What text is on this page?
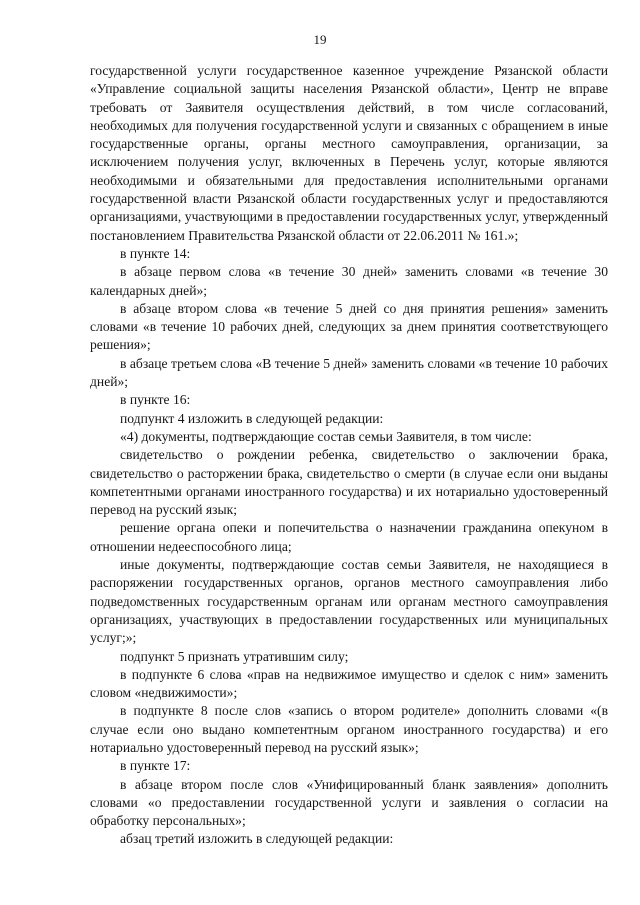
19

государственной услуги государственное казенное учреждение Рязанской области «Управление социальной защиты населения Рязанской области», Центр не вправе требовать от Заявителя осуществления действий, в том числе согласований, необходимых для получения государственной услуги и связанных с обращением в иные государственные органы, органы местного самоуправления, организации, за исключением получения услуг, включенных в Перечень услуг, которые являются необходимыми и обязательными для предоставления исполнительными органами государственной власти Рязанской области государственных услуг и предоставляются организациями, участвующими в предоставлении государственных услуг, утвержденный постановлением Правительства Рязанской области от 22.06.2011 № 161.»;

в пункте 14:

в абзаце первом слова «в течение 30 дней» заменить словами «в течение 30 календарных дней»;

в абзаце втором слова «в течение 5 дней со дня принятия решения» заменить словами «в течение 10 рабочих дней, следующих за днем принятия соответствующего решения»;

в абзаце третьем слова «В течение 5 дней» заменить словами «в течение 10 рабочих дней»;

в пункте 16:

подпункт 4 изложить в следующей редакции:

«4) документы, подтверждающие состав семьи Заявителя, в том числе:

свидетельство о рождении ребенка, свидетельство о заключении брака, свидетельство о расторжении брака, свидетельство о смерти (в случае если они выданы компетентными органами иностранного государства) и их нотариально удостоверенный перевод на русский язык;

решение органа опеки и попечительства о назначении гражданина опекуном в отношении недееспособного лица;

иные документы, подтверждающие состав семьи Заявителя, не находящиеся в распоряжении государственных органов, органов местного самоуправления либо подведомственных государственным органам или органам местного самоуправления организациях, участвующих в предоставлении государственных или муниципальных услуг;»;

подпункт 5 признать утратившим силу;

в подпункте 6 слова «прав на недвижимое имущество и сделок с ним» заменить словом «недвижимости»;

в подпункте 8 после слов «запись о втором родителе» дополнить словами «(в случае если оно выдано компетентным органом иностранного государства) и его нотариально удостоверенный перевод на русский язык»;

в пункте 17:

в абзаце втором после слов «Унифицированный бланк заявления» дополнить словами «о предоставлении государственной услуги и заявления о согласии на обработку персональных»;

абзац третий изложить в следующей редакции:
